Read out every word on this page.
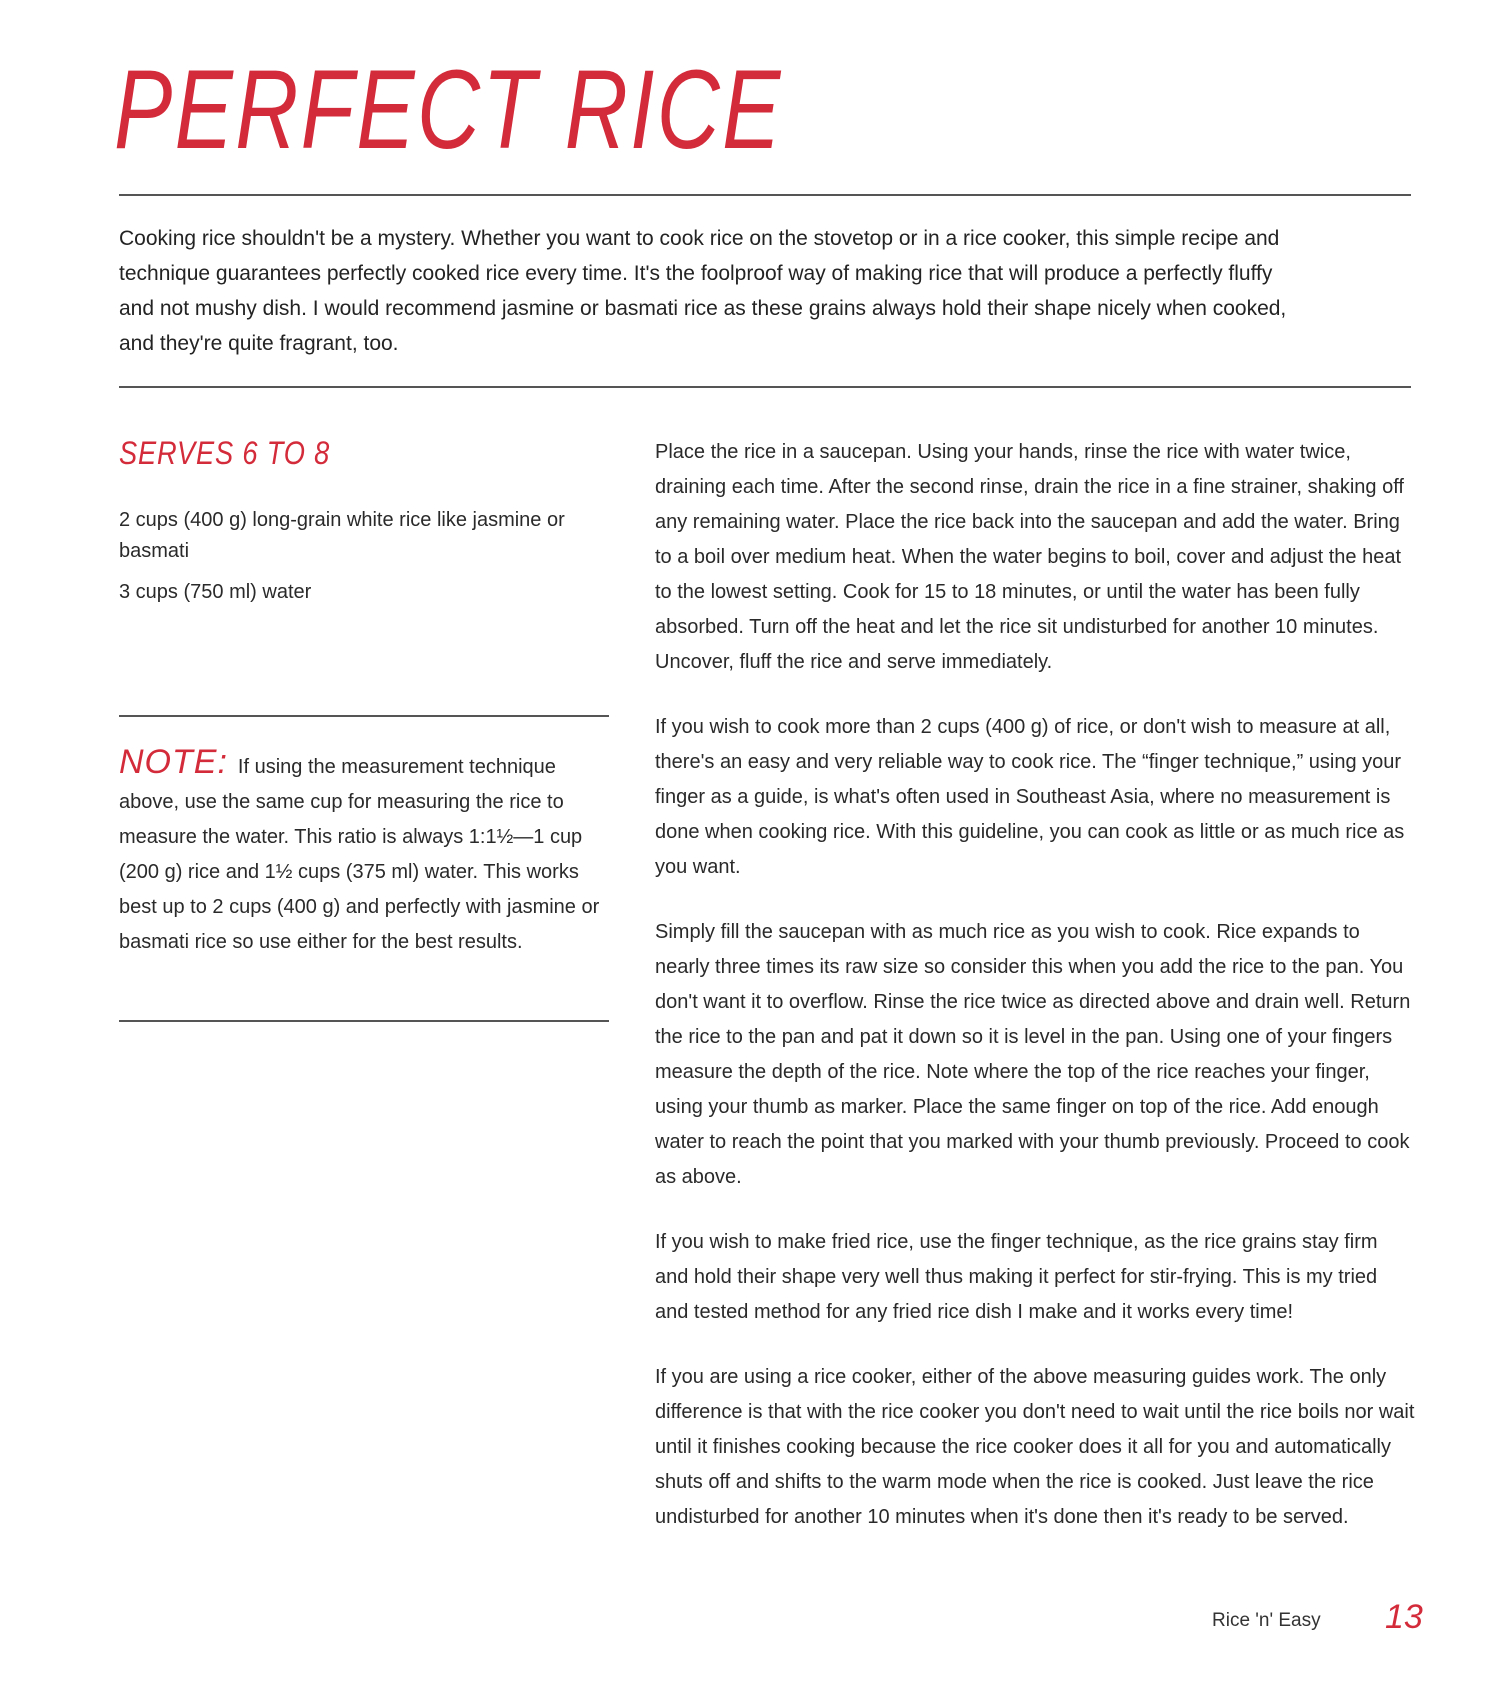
PERFECT RICE

Cooking rice shouldn't be a mystery. Whether you want to cook rice on the stovetop or in a rice cooker, this simple recipe and technique guarantees perfectly cooked rice every time. It's the foolproof way of making rice that will produce a perfectly fluffy and not mushy dish. I would recommend jasmine or basmati rice as these grains always hold their shape nicely when cooked, and they're quite fragrant, too.

SERVES 6 TO 8
2 cups (400 g) long-grain white rice like jasmine or basmati
3 cups (750 ml) water

NOTE: If using the measurement technique above, use the same cup for measuring the rice to measure the water. This ratio is always 1:1½—1 cup (200 g) rice and 1½ cups (375 ml) water. This works best up to 2 cups (400 g) and perfectly with jasmine or basmati rice so use either for the best results.

Place the rice in a saucepan. Using your hands, rinse the rice with water twice, draining each time. After the second rinse, drain the rice in a fine strainer, shaking off any remaining water. Place the rice back into the saucepan and add the water. Bring to a boil over medium heat. When the water begins to boil, cover and adjust the heat to the lowest setting. Cook for 15 to 18 minutes, or until the water has been fully absorbed. Turn off the heat and let the rice sit undisturbed for another 10 minutes. Uncover, fluff the rice and serve immediately.

If you wish to cook more than 2 cups (400 g) of rice, or don't wish to measure at all, there's an easy and very reliable way to cook rice. The “finger technique,” using your finger as a guide, is what's often used in Southeast Asia, where no measurement is done when cooking rice. With this guideline, you can cook as little or as much rice as you want.

Simply fill the saucepan with as much rice as you wish to cook. Rice expands to nearly three times its raw size so consider this when you add the rice to the pan. You don't want it to overflow. Rinse the rice twice as directed above and drain well. Return the rice to the pan and pat it down so it is level in the pan. Using one of your fingers measure the depth of the rice. Note where the top of the rice reaches your finger, using your thumb as marker. Place the same finger on top of the rice. Add enough water to reach the point that you marked with your thumb previously. Proceed to cook as above.

If you wish to make fried rice, use the finger technique, as the rice grains stay firm and hold their shape very well thus making it perfect for stir-frying. This is my tried and tested method for any fried rice dish I make and it works every time!

If you are using a rice cooker, either of the above measuring guides work. The only difference is that with the rice cooker you don't need to wait until the rice boils nor wait until it finishes cooking because the rice cooker does it all for you and automatically shuts off and shifts to the warm mode when the rice is cooked. Just leave the rice undisturbed for another 10 minutes when it's done then it's ready to be served.

Rice 'n' Easy 13
